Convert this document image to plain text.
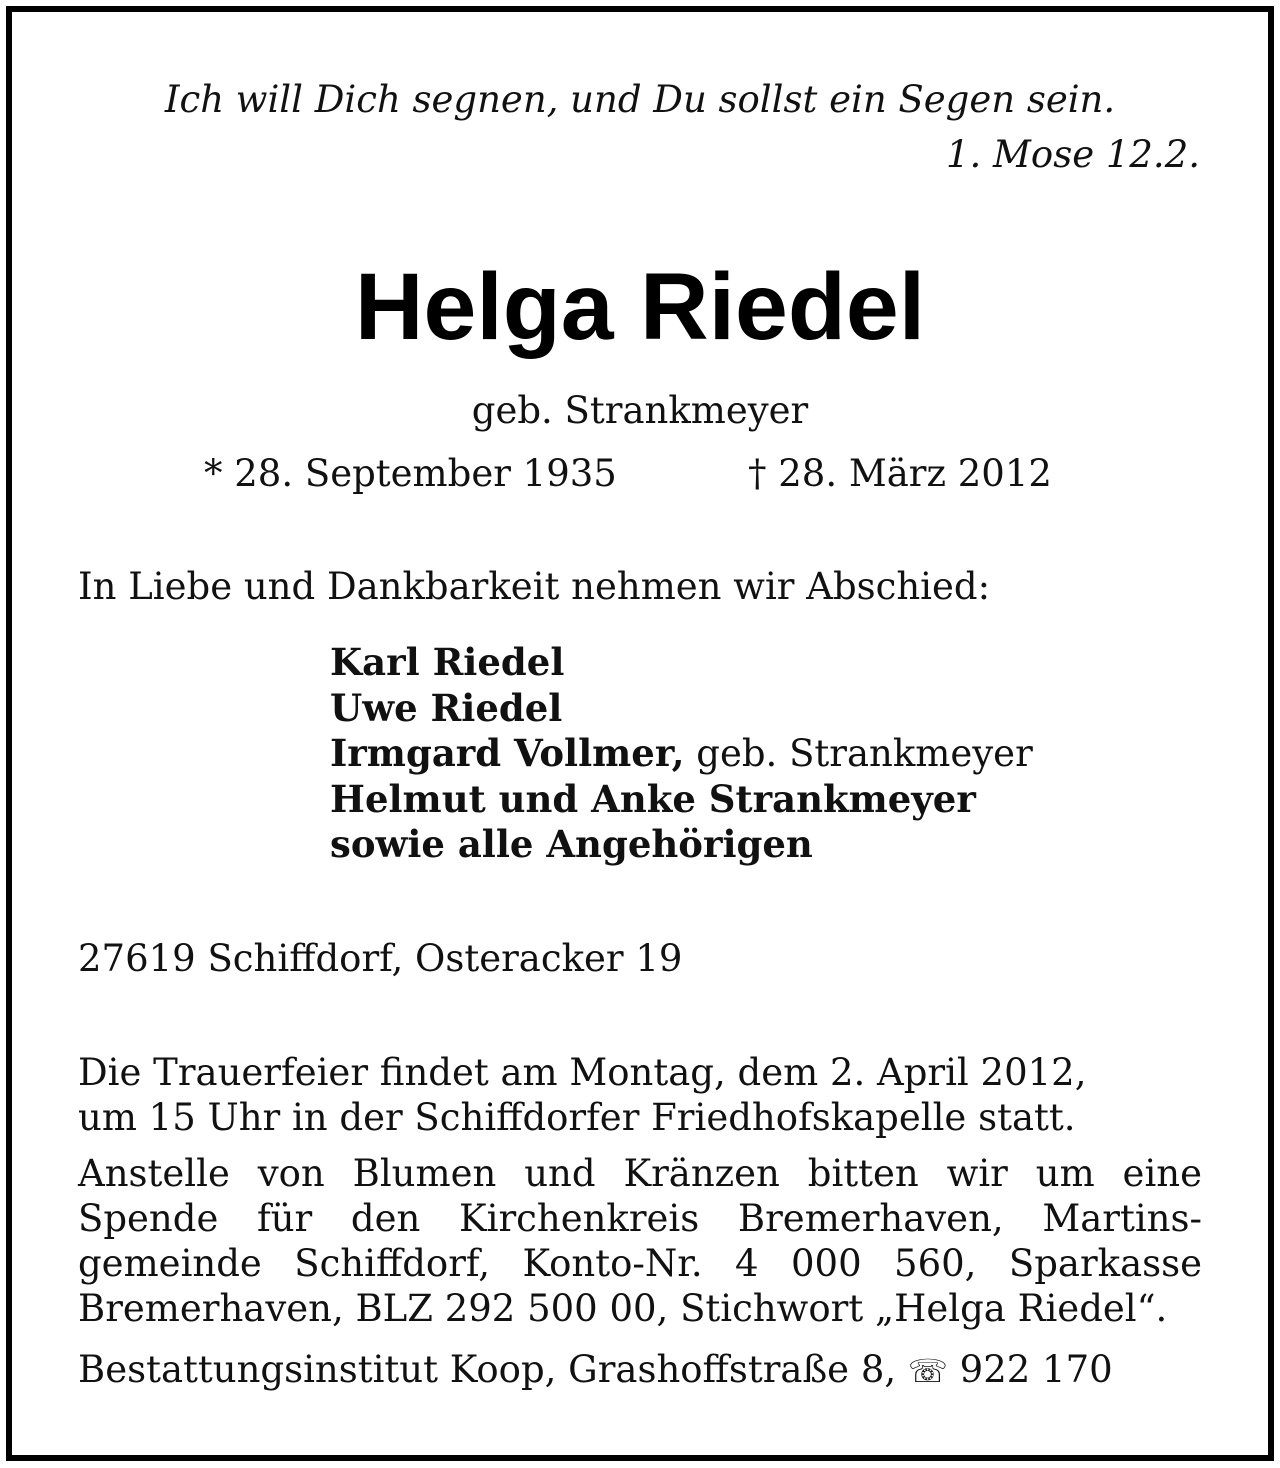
Ich will Dich segnen, und Du sollst ein Segen sein.
1. Mose 12.2.
Helga Riedel
geb. Strankmeyer
* 28. September 1935	† 28. März 2012
In Liebe und Dankbarkeit nehmen wir Abschied:
Karl Riedel
Uwe Riedel
Irmgard Vollmer, geb. Strankmeyer
Helmut und Anke Strankmeyer
sowie alle Angehörigen
27619 Schiffdorf, Osteracker 19
Die Trauerfeier findet am Montag, dem 2. April 2012,
um 15 Uhr in der Schiffdorfer Friedhofskapelle statt.
Anstelle von Blumen und Kränzen bitten wir um eine
Spende für den Kirchenkreis Bremerhaven, Martins-
gemeinde Schiffdorf, Konto-Nr. 4 000 560, Sparkasse
Bremerhaven, BLZ 292 500 00, Stichwort „Helga Riedel“.
Bestattungsinstitut Koop, Grashoffstraße 8, ☏ 922 170
